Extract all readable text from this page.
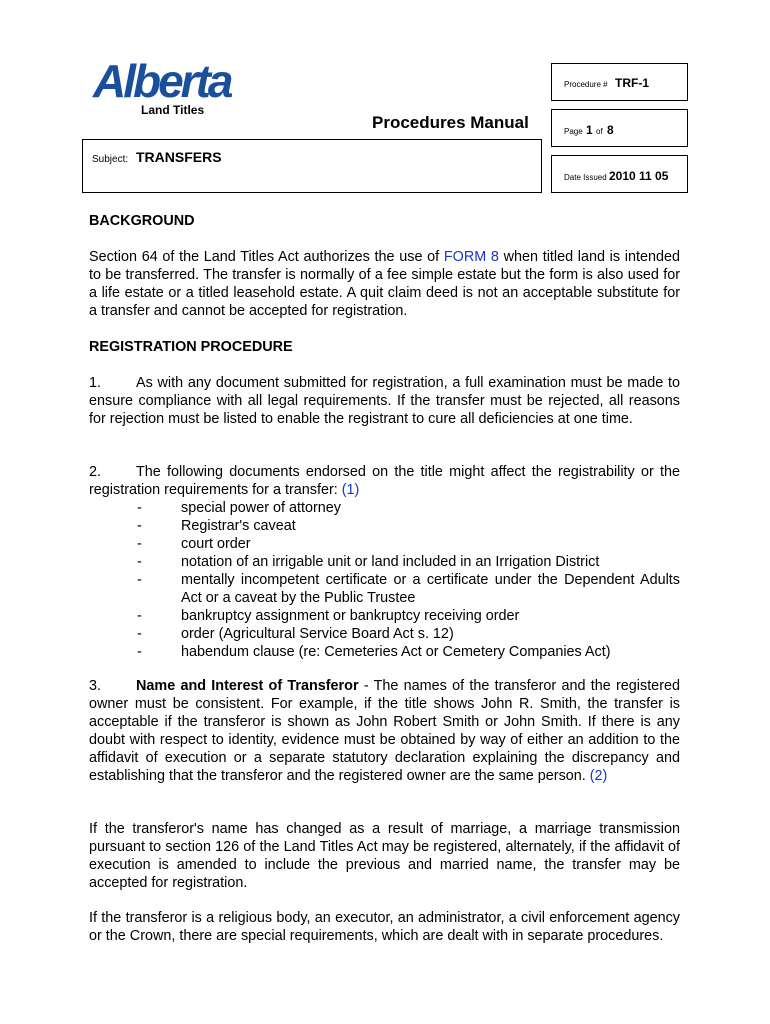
Alberta
Land Titles
Procedures Manual
Procedure # TRF-1
Page 1 of 8
Date Issued 2010 11 05
Subject: TRANSFERS
BACKGROUND
Section 64 of the Land Titles Act authorizes the use of FORM 8 when titled land is intended to be transferred. The transfer is normally of a fee simple estate but the form is also used for a life estate or a titled leasehold estate. A quit claim deed is not an acceptable substitute for a transfer and cannot be accepted for registration.
REGISTRATION PROCEDURE
1. As with any document submitted for registration, a full examination must be made to ensure compliance with all legal requirements. If the transfer must be rejected, all reasons for rejection must be listed to enable the registrant to cure all deficiencies at one time.
2. The following documents endorsed on the title might affect the registrability or the registration requirements for a transfer: (1)
-	special power of attorney
-	Registrar's caveat
-	court order
-	notation of an irrigable unit or land included in an Irrigation District
-	mentally incompetent certificate or a certificate under the Dependent Adults Act or a caveat by the Public Trustee
-	bankruptcy assignment or bankruptcy receiving order
-	order (Agricultural Service Board Act s. 12)
-	habendum clause (re: Cemeteries Act or Cemetery Companies Act)
3. Name and Interest of Transferor - The names of the transferor and the registered owner must be consistent. For example, if the title shows John R. Smith, the transfer is acceptable if the transferor is shown as John Robert Smith or John Smith. If there is any doubt with respect to identity, evidence must be obtained by way of either an addition to the affidavit of execution or a separate statutory declaration explaining the discrepancy and establishing that the transferor and the registered owner are the same person. (2)
If the transferor's name has changed as a result of marriage, a marriage transmission pursuant to section 126 of the Land Titles Act may be registered, alternately, if the affidavit of execution is amended to include the previous and married name, the transfer may be accepted for registration.
If the transferor is a religious body, an executor, an administrator, a civil enforcement agency or the Crown, there are special requirements, which are dealt with in separate procedures.
